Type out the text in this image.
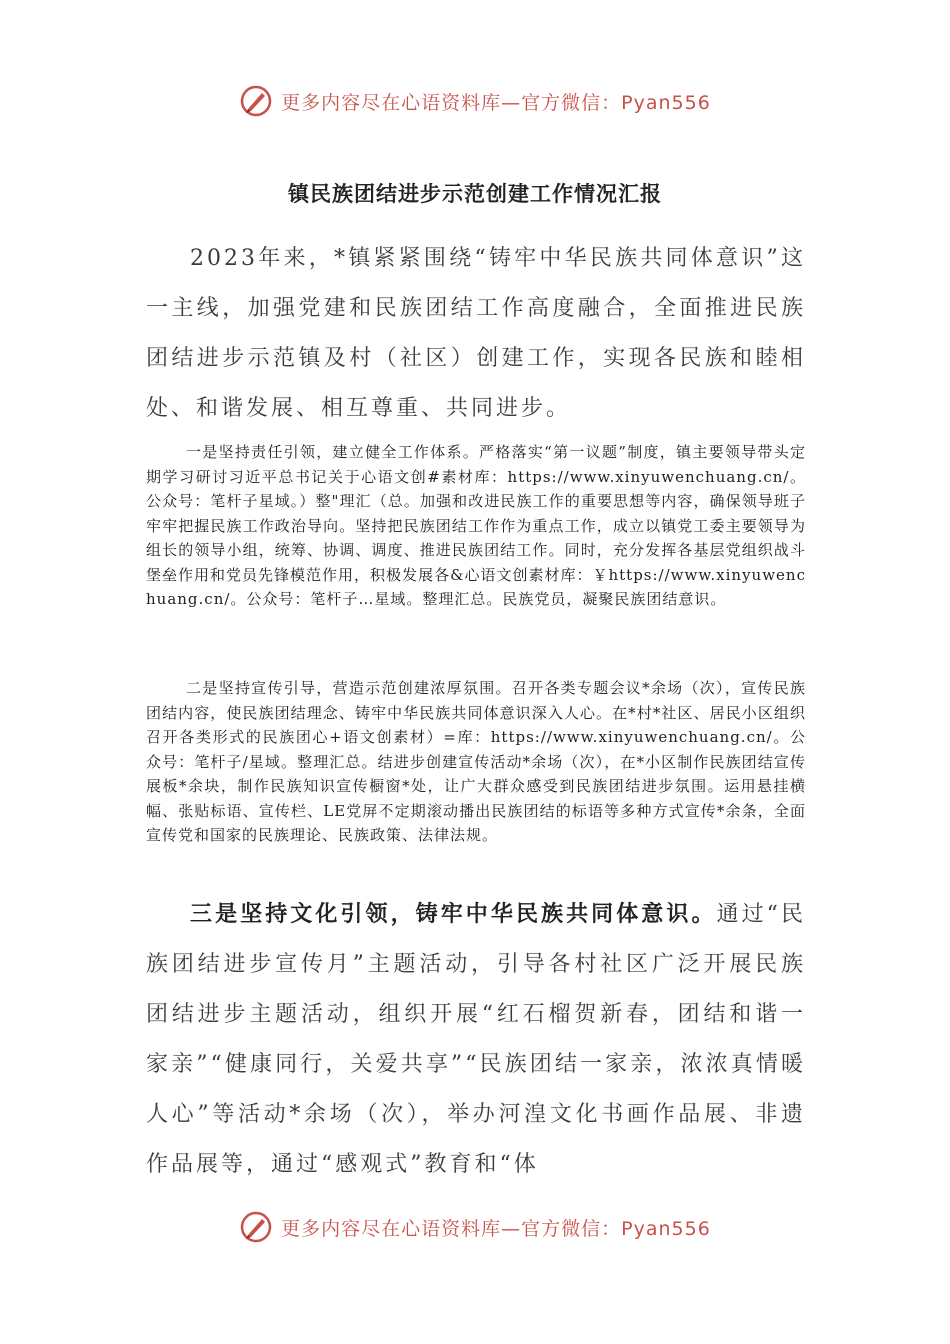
更多内容尽在心语资料库—官方微信：Pyan556
镇民族团结进步示范创建工作情况汇报

2023年来，*镇紧紧围绕“铸牢中华民族共同体意识”这一主线，加强党建和民族团结工作高度融合，全面推进民族团结进步示范镇及村（社区）创建工作，实现各民族和睦相处、和谐发展、相互尊重、共同进步。

一是坚持责任引领，建立健全工作体系。严格落实“第一议题”制度，镇主要领导带头定期学习研讨习近平总书记关于心语文创#素材库：https://www.xinyuwenchuang.cn/。公众号：笔杆子星域。）整"理汇（总。加强和改进民族工作的重要思想等内容，确保领导班子牢牢把握民族工作政治导向。坚持把民族团结工作作为重点工作，成立以镇党工委主要领导为组长的领导小组，统筹、协调、调度、推进民族团结工作。同时，充分发挥各基层党组织战斗堡垒作用和党员先锋模范作用，积极发展各&心语文创素材库：￥https://www.xinyuwenchuang.cn/。公众号：笔杆子…星域。整理汇总。民族党员，凝聚民族团结意识。

二是坚持宣传引导，营造示范创建浓厚氛围。召开各类专题会议*余场（次），宣传民族团结内容，使民族团结理念、铸牢中华民族共同体意识深入人心。在*村*社区、居民小区组织召开各类形式的民族团心+语文创素材）=库：https://www.xinyuwenchuang.cn/。公众号：笔杆子/星域。整理汇总。结进步创建宣传活动*余场（次），在*小区制作民族团结宣传展板*余块，制作民族知识宣传橱窗*处，让广大群众感受到民族团结进步氛围。运用悬挂横幅、张贴标语、宣传栏、LE党屏不定期滚动播出民族团结的标语等多种方式宣传*余条，全面宣传党和国家的民族理论、民族政策、法律法规。

三是坚持文化引领，铸牢中华民族共同体意识。通过“民族团结进步宣传月”主题活动，引导各村社区广泛开展民族团结进步主题活动，组织开展“红石榴贺新春，团结和谐一家亲”“健康同行，关爱共享”“民族团结一家亲，浓浓真情暖人心”等活动*余场（次），举办河湟文化书画作品展、非遗作品展等，通过“感观式”教育和“体

更多内容尽在心语资料库—官方微信：Pyan556
